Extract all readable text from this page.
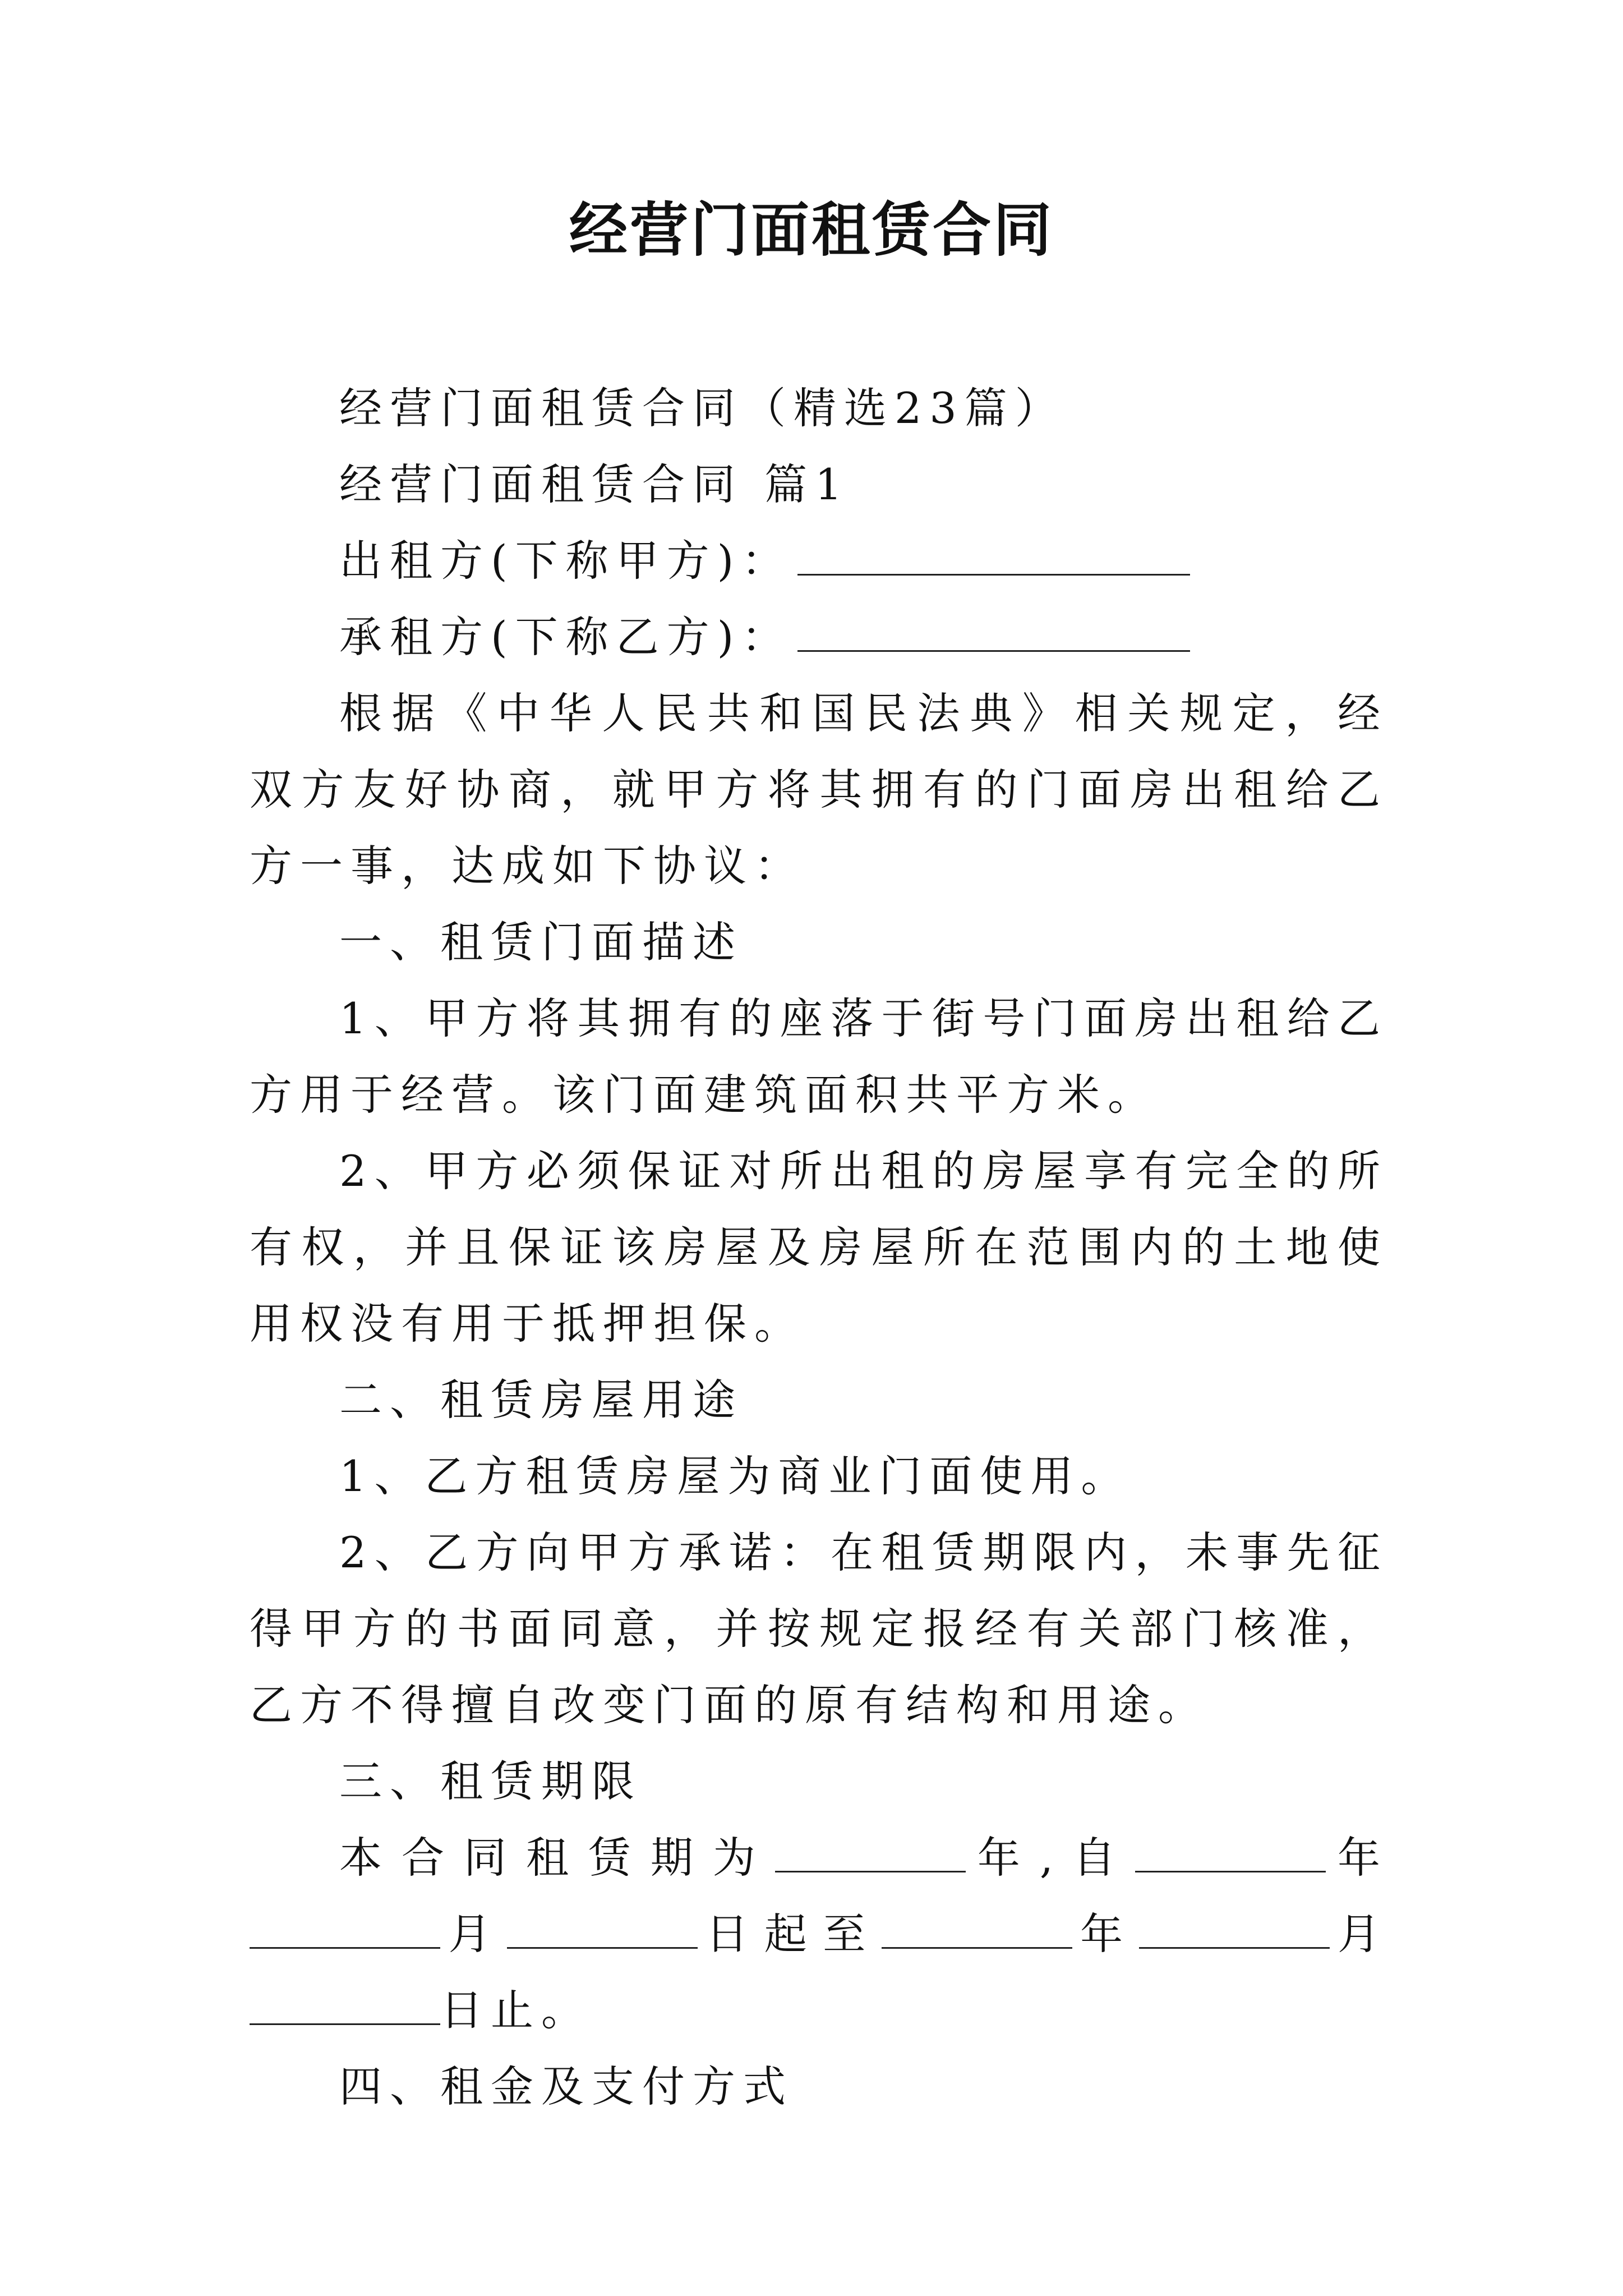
经营门面租赁合同

经营门面租赁合同（精选23篇）

经营门面租赁合同 篇1

出租方(下称甲方)：

承租方(下称乙方)：

根据《中华人民共和国民法典》相关规定，经双方友好协商，就甲方将其拥有的门面房出租给乙方一事，达成如下协议：

一、租赁门面描述

1、甲方将其拥有的座落于街号门面房出租给乙方用于经营。该门面建筑面积共平方米。

2、甲方必须保证对所出租的房屋享有完全的所有权，并且保证该房屋及房屋所在范围内的土地使用权没有用于抵押担保。

二、租赁房屋用途

1、乙方租赁房屋为商业门面使用。

2、乙方向甲方承诺：在租赁期限内，未事先征得甲方的书面同意，并按规定报经有关部门核准，乙方不得擅自改变门面的原有结构和用途。

三、租赁期限

本合同租赁期为	年,自	年月	日起至	年	月日止。

四、租金及支付方式
